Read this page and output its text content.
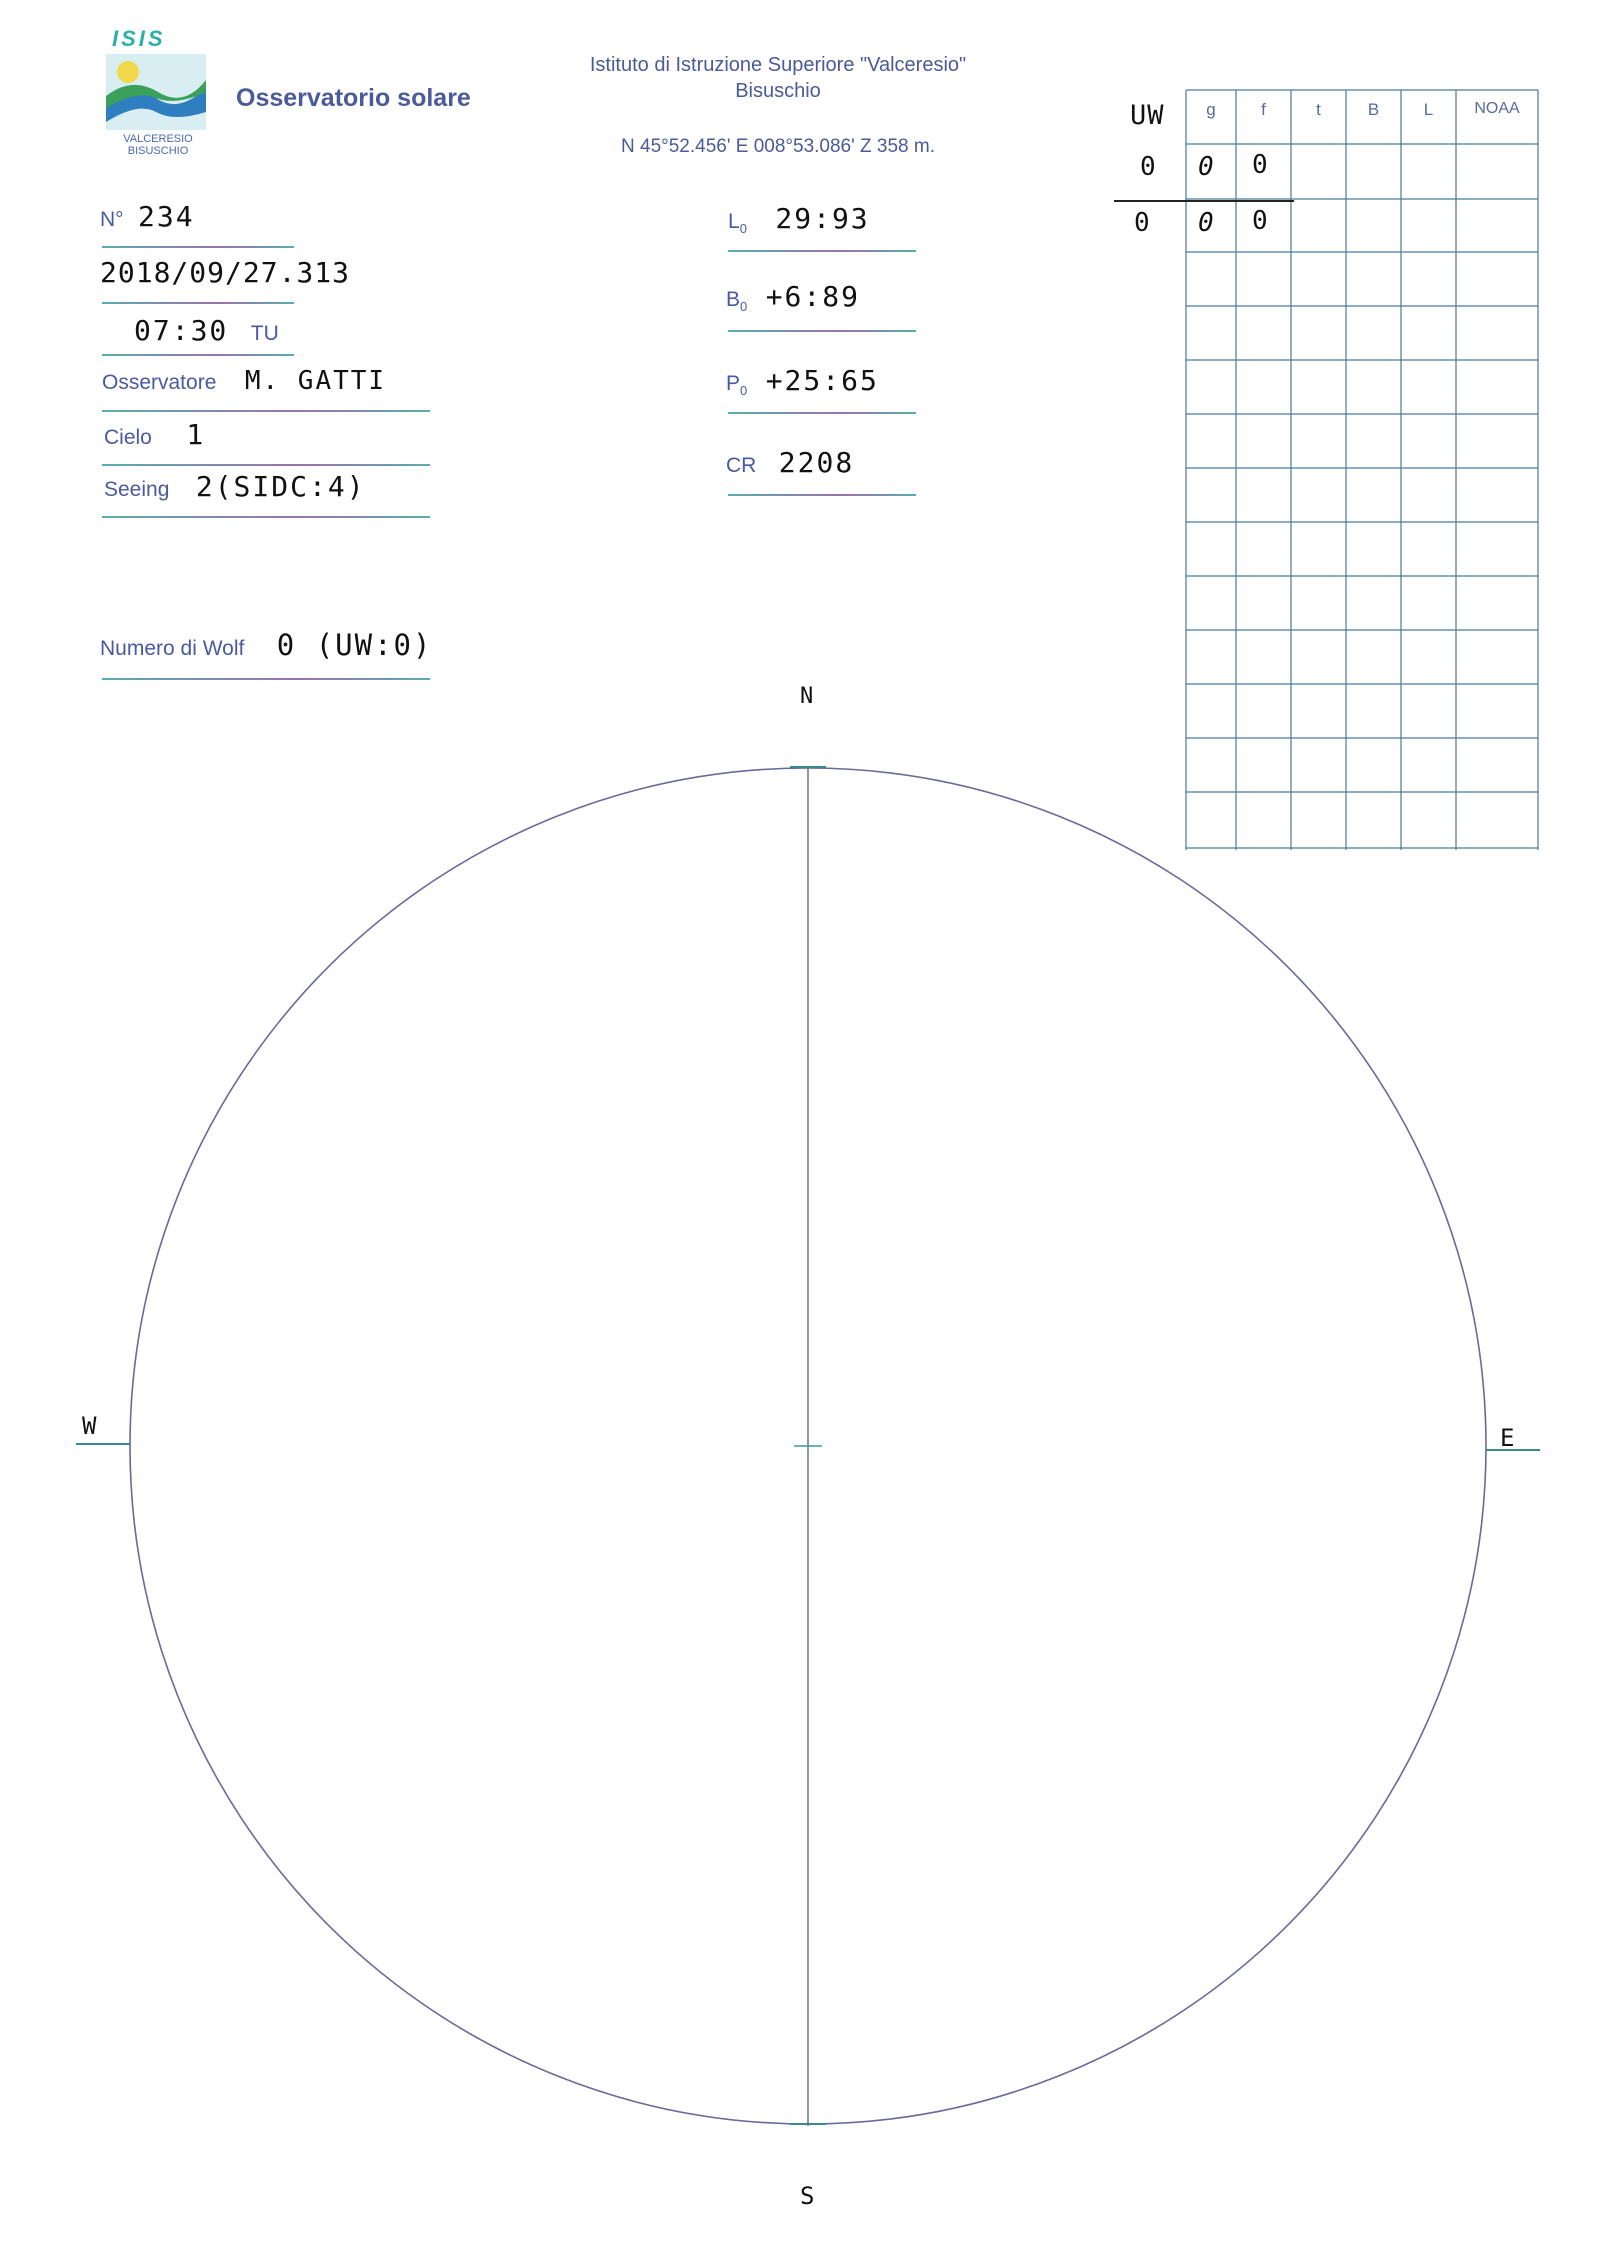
ISIS
VALCERESIO
BISUSCHIO
Osservatorio solare
Istituto di Istruzione Superiore "Valceresio"
Bisuschio
N 45°52.456' E 008°53.086' Z 358 m.
N° 234
2018/09/27.313
07:30 TU
Osservatore M. GATTI
Cielo 1
Seeing 2(SIDC:4)
Numero di Wolf 0 (UW:0)
$L_0$ 29:93
$B_0$ +6:89
$P_0$ +25:65
CR 2208
UW	g	f	t	B	L	NOAA
0 0 0
0 0 0
N
S
W	E
